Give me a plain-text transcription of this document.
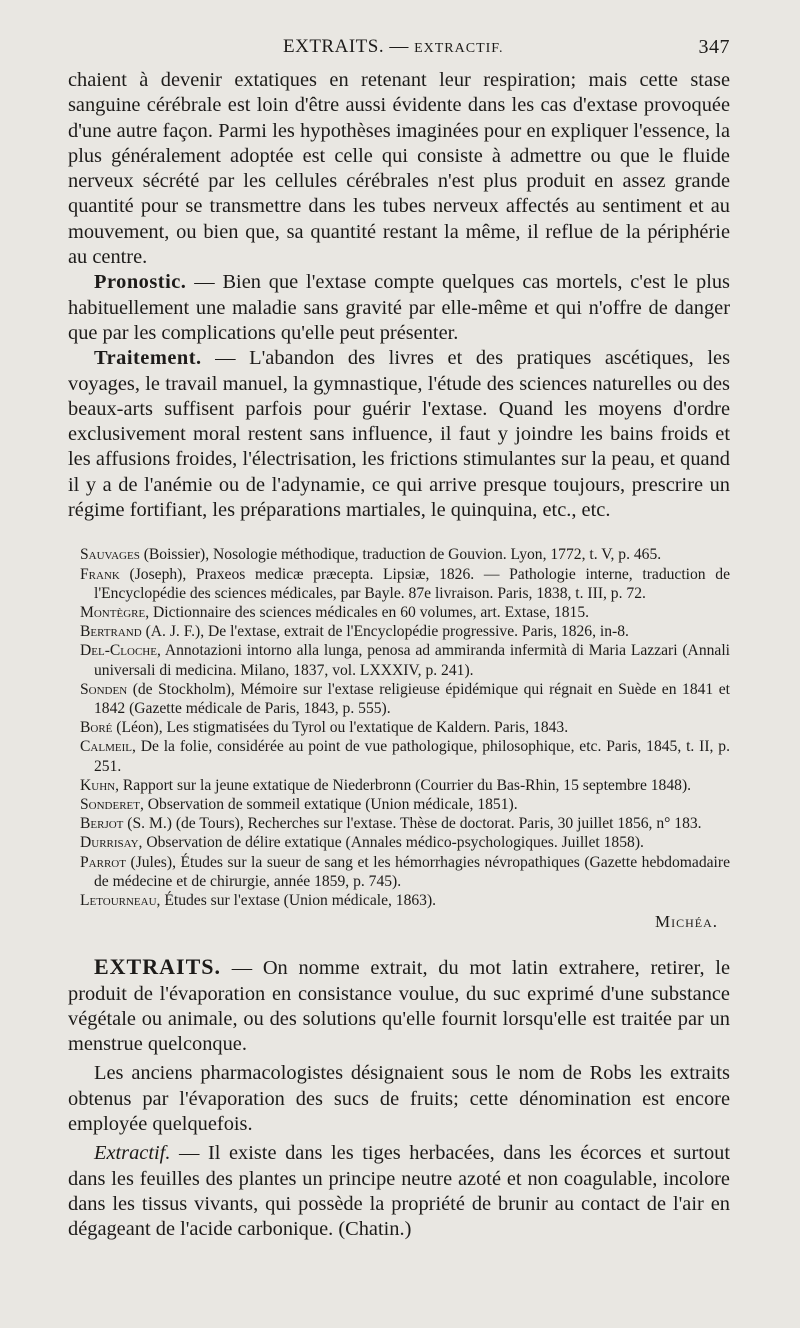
EXTRAITS. — EXTRACTIF.	347

chaient à devenir extatiques en retenant leur respiration; mais cette stase sanguine cérébrale est loin d'être aussi évidente dans les cas d'extase provoquée d'une autre façon. Parmi les hypothèses imaginées pour en expliquer l'essence, la plus généralement adoptée est celle qui consiste à admettre ou que le fluide nerveux sécrété par les cellules cérébrales n'est plus produit en assez grande quantité pour se transmettre dans les tubes nerveux affectés au sentiment et au mouvement, ou bien que, sa quantité restant la même, il reflue de la périphérie au centre.

Pronostic. — Bien que l'extase compte quelques cas mortels, c'est le plus habituellement une maladie sans gravité par elle-même et qui n'offre de danger que par les complications qu'elle peut présenter.

Traitement. — L'abandon des livres et des pratiques ascétiques, les voyages, le travail manuel, la gymnastique, l'étude des sciences naturelles ou des beaux-arts suffisent parfois pour guérir l'extase. Quand les moyens d'ordre exclusivement moral restent sans influence, il faut y joindre les bains froids et les affusions froides, l'électrisation, les frictions stimulantes sur la peau, et quand il y a de l'anémie ou de l'adynamie, ce qui arrive presque toujours, prescrire un régime fortifiant, les préparations martiales, le quinquina, etc., etc.

Sauvages (Boissier), Nosologie méthodique, traduction de Gouvion. Lyon, 1772, t. V, p. 465.

Frank (Joseph), Praxeos medicæ præcepta. Lipsiæ, 1826. — Pathologie interne, traduction de l'Encyclopédie des sciences médicales, par Bayle. 87e livraison. Paris, 1838, t. III, p. 72.

Montègre, Dictionnaire des sciences médicales en 60 volumes, art. Extase, 1815.

Bertrand (A. J. F.), De l'extase, extrait de l'Encyclopédie progressive. Paris, 1826, in-8.

Del-Cloche, Annotazioni intorno alla lunga, penosa ad ammiranda infermità di Maria Lazzari (Annali universali di medicina. Milano, 1837, vol. LXXXIV, p. 241).

Sonden (de Stockholm), Mémoire sur l'extase religieuse épidémique qui régnait en Suède en 1841 et 1842 (Gazette médicale de Paris, 1843, p. 555).

Boré (Léon), Les stigmatisées du Tyrol ou l'extatique de Kaldern. Paris, 1843.

Calmeil, De la folie, considérée au point de vue pathologique, philosophique, etc. Paris, 1845, t. II, p. 251.

Kuhn, Rapport sur la jeune extatique de Niederbronn (Courrier du Bas-Rhin, 15 septembre 1848).

Sonderet, Observation de sommeil extatique (Union médicale, 1851).

Berjot (S. M.) (de Tours), Recherches sur l'extase. Thèse de doctorat. Paris, 30 juillet 1856, n° 183.

Durrisay, Observation de délire extatique (Annales médico-psychologiques. Juillet 1858).

Parrot (Jules), Études sur la sueur de sang et les hémorrhagies névropathiques (Gazette hebdomadaire de médecine et de chirurgie, année 1859, p. 745).

Letourneau, Études sur l'extase (Union médicale, 1863).

Michéa.

EXTRAITS. — On nomme extrait, du mot latin extrahere, retirer, le produit de l'évaporation en consistance voulue, du suc exprimé d'une substance végétale ou animale, ou des solutions qu'elle fournit lorsqu'elle est traitée par un menstrue quelconque.

Les anciens pharmacologistes désignaient sous le nom de Robs les extraits obtenus par l'évaporation des sucs de fruits; cette dénomination est encore employée quelquefois.

Extractif. — Il existe dans les tiges herbacées, dans les écorces et surtout dans les feuilles des plantes un principe neutre azoté et non coagulable, incolore dans les tissus vivants, qui possède la propriété de brunir au contact de l'air en dégageant de l'acide carbonique. (Chatin.)
